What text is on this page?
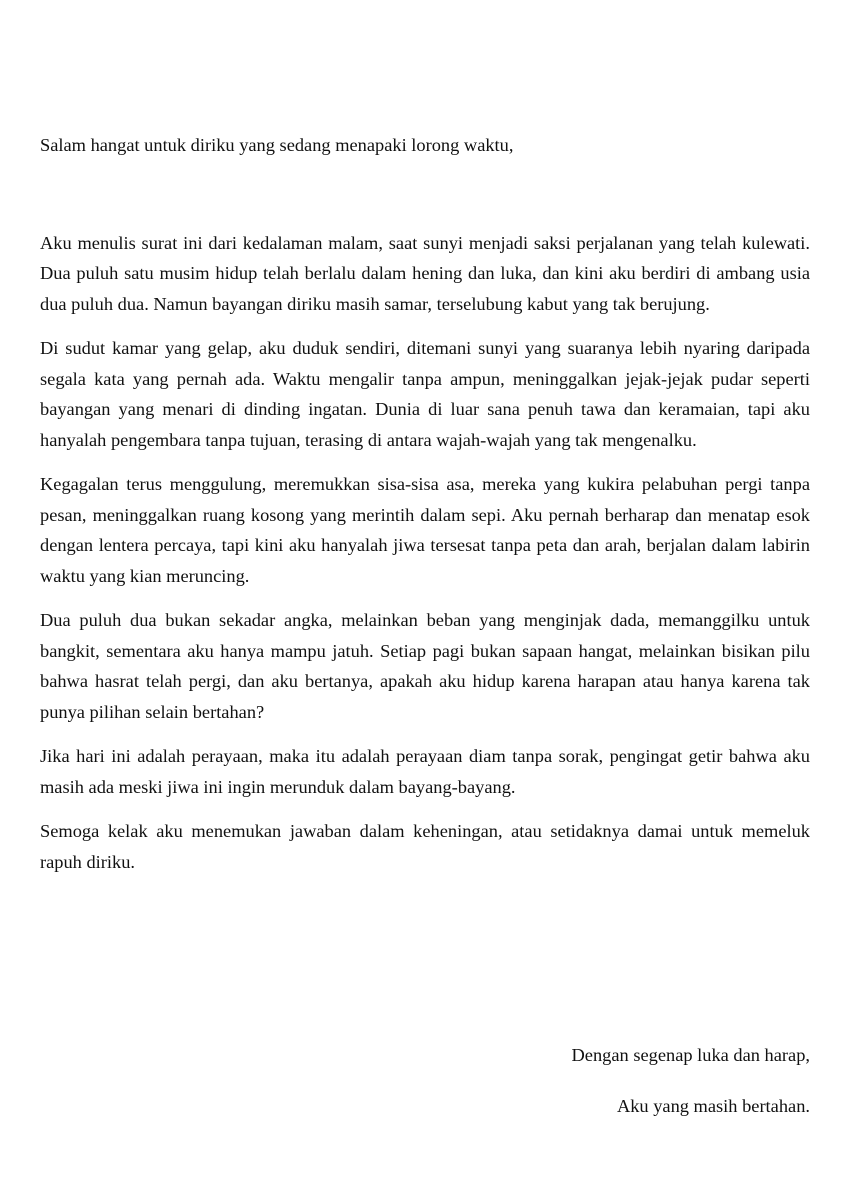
Salam hangat untuk diriku yang sedang menapaki lorong waktu,

Aku menulis surat ini dari kedalaman malam, saat sunyi menjadi saksi perjalanan yang telah kulewati. Dua puluh satu musim hidup telah berlalu dalam hening dan luka, dan kini aku berdiri di ambang usia dua puluh dua. Namun bayangan diriku masih samar, terselubung kabut yang tak berujung.

Di sudut kamar yang gelap, aku duduk sendiri, ditemani sunyi yang suaranya lebih nyaring daripada segala kata yang pernah ada. Waktu mengalir tanpa ampun, meninggalkan jejak-jejak pudar seperti bayangan yang menari di dinding ingatan. Dunia di luar sana penuh tawa dan keramaian, tapi aku hanyalah pengembara tanpa tujuan, terasing di antara wajah-wajah yang tak mengenalku.

Kegagalan terus menggulung, meremukkan sisa-sisa asa, mereka yang kukira pelabuhan pergi tanpa pesan, meninggalkan ruang kosong yang merintih dalam sepi. Aku pernah berharap dan menatap esok dengan lentera percaya, tapi kini aku hanyalah jiwa tersesat tanpa peta dan arah, berjalan dalam labirin waktu yang kian meruncing.

Dua puluh dua bukan sekadar angka, melainkan beban yang menginjak dada, memanggilku untuk bangkit, sementara aku hanya mampu jatuh. Setiap pagi bukan sapaan hangat, melainkan bisikan pilu bahwa hasrat telah pergi, dan aku bertanya, apakah aku hidup karena harapan atau hanya karena tak punya pilihan selain bertahan?

Jika hari ini adalah perayaan, maka itu adalah perayaan diam tanpa sorak, pengingat getir bahwa aku masih ada meski jiwa ini ingin merunduk dalam bayang-bayang.

Semoga kelak aku menemukan jawaban dalam keheningan, atau setidaknya damai untuk memeluk rapuh diriku.

Dengan segenap luka dan harap,

Aku yang masih bertahan.
